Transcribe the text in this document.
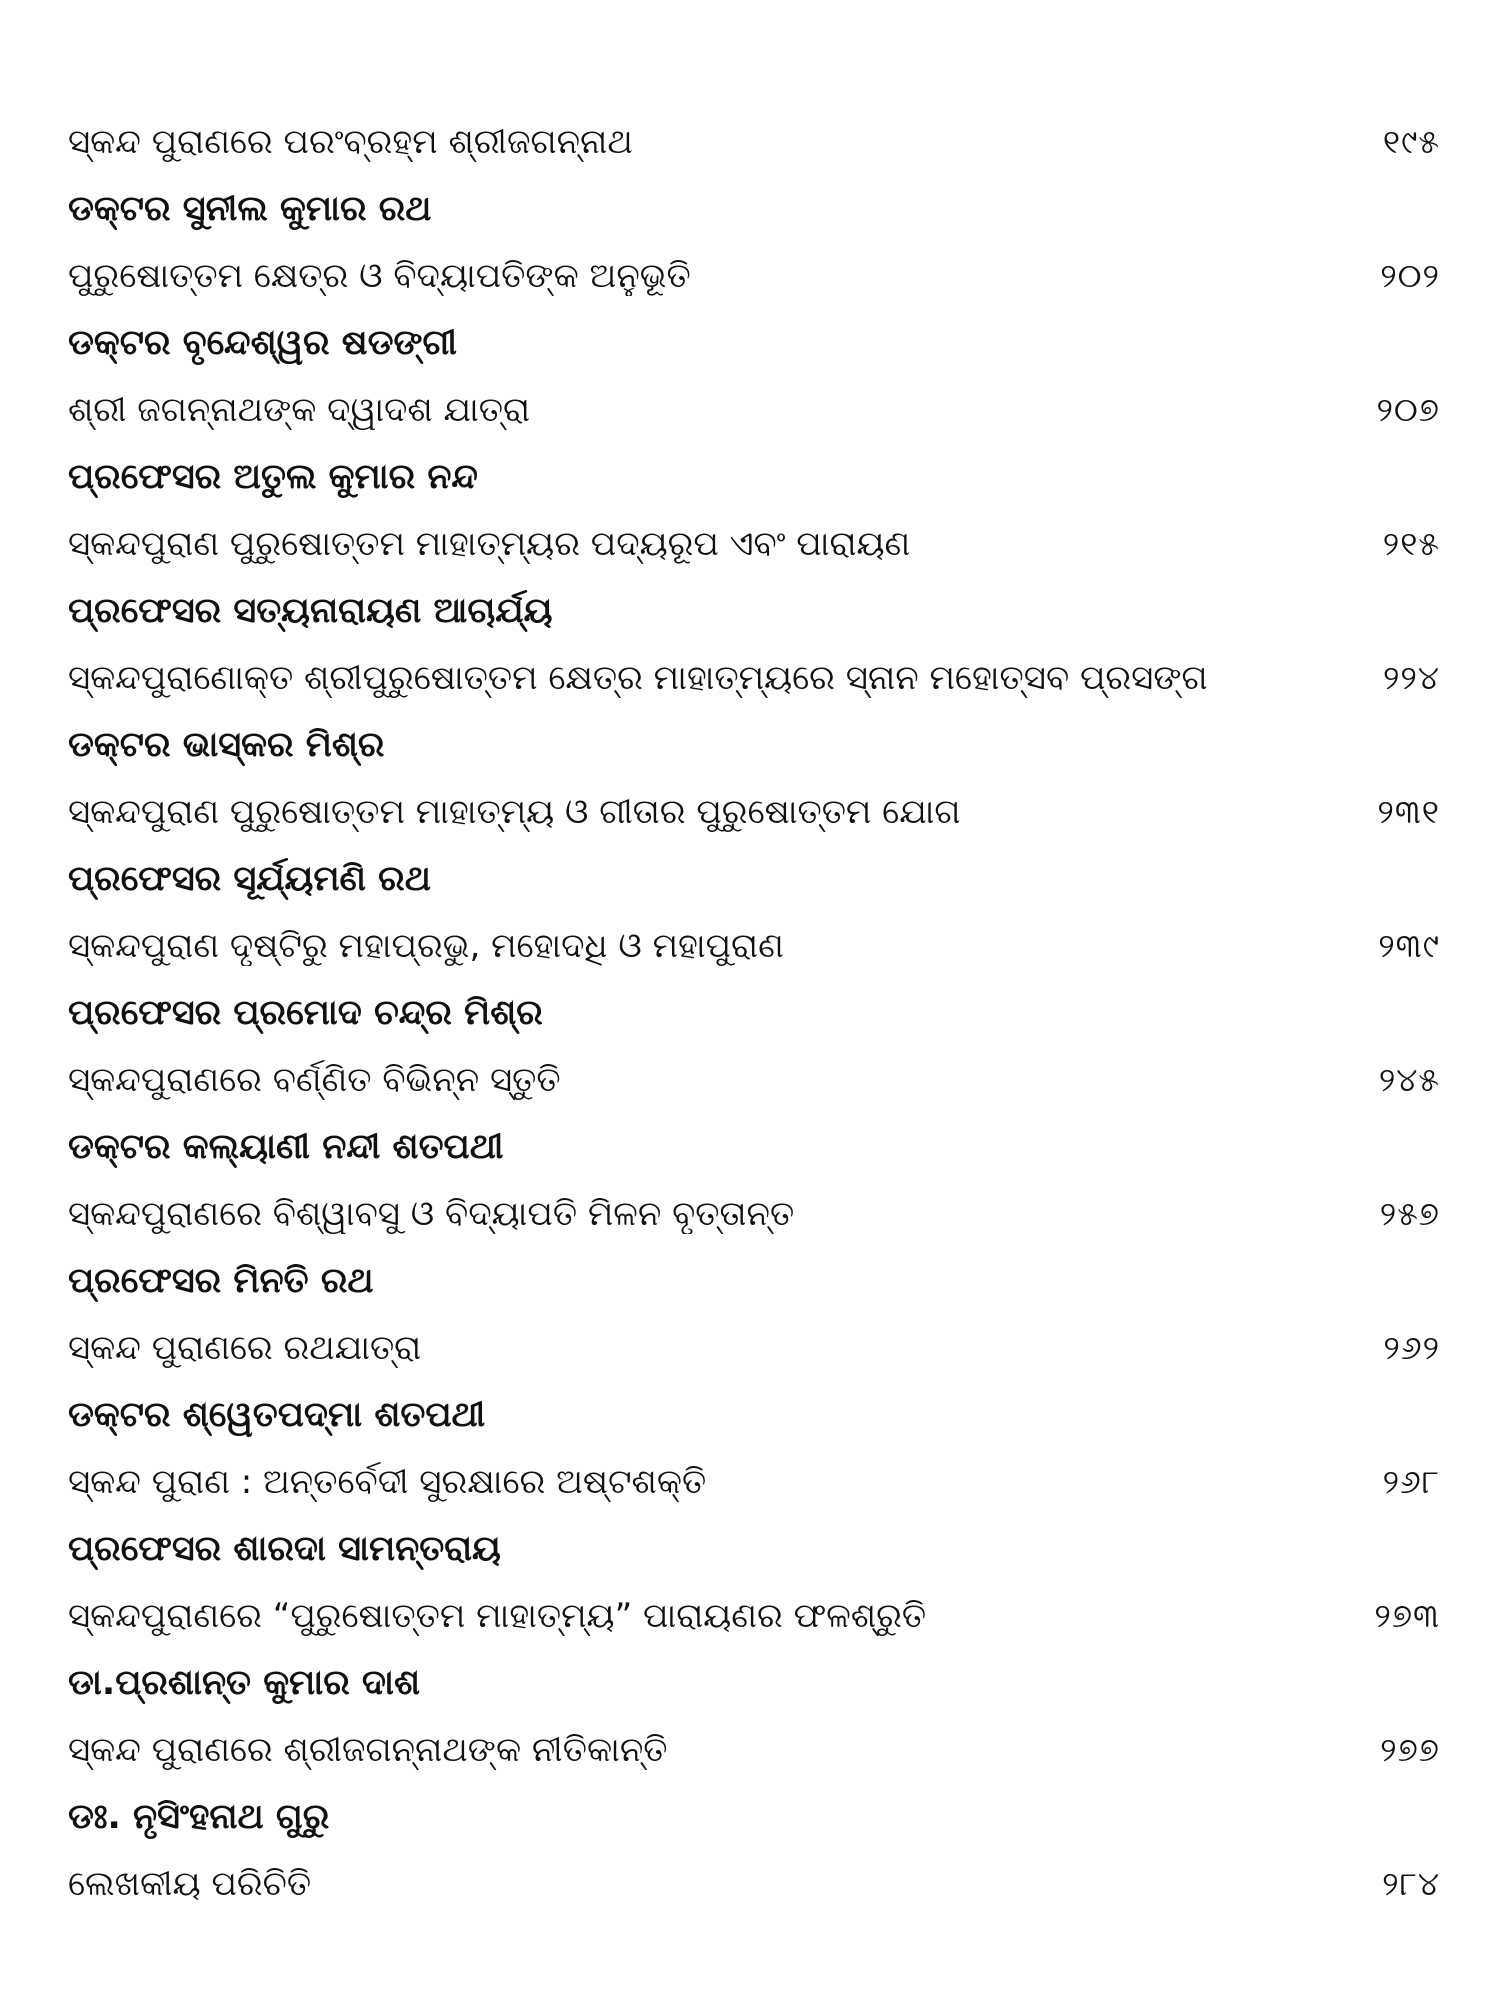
ସ୍କନ୍ଦ ପୁରାଣରେ ପରଂବ୍ରହ୍ମ ଶ୍ରୀଜଗନ୍ନାଥ	୧୯୫
ଡକ୍ଟର ସୁନୀଲ କୁମାର ରଥ
ପୁରୁଷୋତ୍ତମ କ୍ଷେତ୍ର ଓ ବିଦ୍ୟାପତିଙ୍କ ଅନୁଭୂତି	୨୦୨
ଡକ୍ଟର ବୃନ୍ଦେଶ୍ୱର ଷଡଙ୍ଗୀ
ଶ୍ରୀ ଜଗନ୍ନାଥଙ୍କ ଦ୍ୱାଦଶ ଯାତ୍ରା	୨୦୭
ପ୍ରଫେସର ଅତୁଲ କୁମାର ନନ୍ଦ
ସ୍କନ୍ଦପୁରାଣ ପୁରୁଷୋତ୍ତମ ମାହାତ୍ମ୍ୟର ପଦ୍ୟରୂପ ଏବଂ ପାରାୟଣ	୨୧୫
ପ୍ରଫେସର ସତ୍ୟନାରାୟଣ ଆଚାର୍ଯ୍ୟ
ସ୍କନ୍ଦପୁରାଣୋକ୍ତ ଶ୍ରୀପୁରୁଷୋତ୍ତମ କ୍ଷେତ୍ର ମାହାତ୍ମ୍ୟରେ ସ୍ନାନ ମହୋତ୍ସବ ପ୍ରସଙ୍ଗ	୨୨୪
ଡକ୍ଟର ଭାସ୍କର ମିଶ୍ର
ସ୍କନ୍ଦପୁରାଣ ପୁରୁଷୋତ୍ତମ ମାହାତ୍ମ୍ୟ ଓ ଗୀତାର ପୁରୁଷୋତ୍ତମ ଯୋଗ	୨୩୧
ପ୍ରଫେସର ସୂର୍ଯ୍ୟମଣି ରଥ
ସ୍କନ୍ଦପୁରାଣ ଦୃଷ୍ଟିରୁ ମହାପ୍ରଭୁ, ମହୋଦଧି ଓ ମହାପୁରାଣ	୨୩୯
ପ୍ରଫେସର ପ୍ରମୋଦ ଚନ୍ଦ୍ର ମିଶ୍ର
ସ୍କନ୍ଦପୁରାଣରେ ବର୍ଣ୍ଣିତ ବିଭିନ୍ନ ସ୍ତୁତି	୨୪୫
ଡକ୍ଟର କଲ୍ୟାଣୀ ନନ୍ଦୀ ଶତପଥୀ
ସ୍କନ୍ଦପୁରାଣରେ ବିଶ୍ୱାବସୁ ଓ ବିଦ୍ୟାପତି ମିଳନ ବୃତ୍ତାନ୍ତ	୨୫୭
ପ୍ରଫେସର ମିନତି ରଥ
ସ୍କନ୍ଦ ପୁରାଣରେ ରଥଯାତ୍ରା	୨୬୨
ଡକ୍ଟର ଶ୍ୱେତପଦ୍ମା ଶତପଥୀ
ସ୍କନ୍ଦ ପୁରାଣ : ଅନ୍ତର୍ବେଦୀ ସୁରକ୍ଷାରେ ଅଷ୍ଟଶକ୍ତି	୨୬୮
ପ୍ରଫେସର ଶାରଦା ସାମନ୍ତରାୟ
ସ୍କନ୍ଦପୁରାଣରେ “ପୁରୁଷୋତ୍ତମ ମାହାତ୍ମ୍ୟ” ପାରାୟଣର ଫଳଶ୍ରୁତି	୨୭୩
ଡା.ପ୍ରଶାନ୍ତ କୁମାର ଦାଶ
ସ୍କନ୍ଦ ପୁରାଣରେ ଶ୍ରୀଜଗନ୍ନାଥଙ୍କ ନୀତିକାନ୍ତି	୨୭୭
ଡଃ. ନୃସିଂହନାଥ ଗୁରୁ
ଲେଖକୀୟ ପରିଚିତି	୨୮୪
